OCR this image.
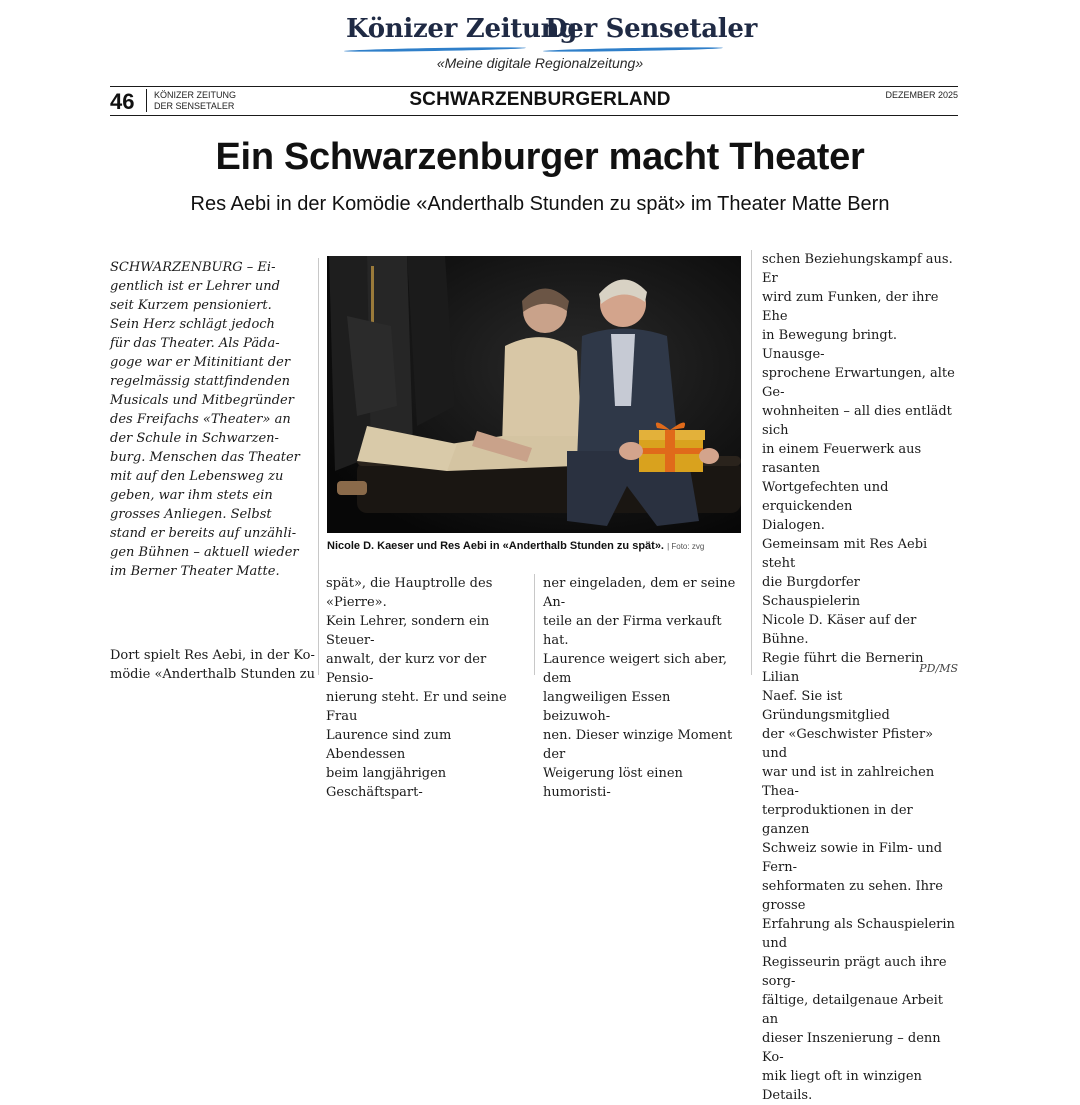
Könizer Zeitung
Der Sensetaler
«Meine digitale Regionalzeitung»
46	KÖNIZER ZEITUNG
DER SENSETALER	SCHWARZENBURGERLAND	DEZEMBER 2025
Ein Schwarzenburger macht Theater
Res Aebi in der Komödie «Anderthalb Stunden zu spät» im Theater Matte Bern
SCHWARZENBURG – Ei-
gentlich ist er Lehrer und
seit Kurzem pensioniert.
Sein Herz schlägt jedoch
für das Theater. Als Päda-
goge war er Mitinitiant der
regelmässig stattfindenden
Musicals und Mitbegründer
des Freifachs «Theater» an
der Schule in Schwarzen-
burg. Menschen das Theater
mit auf den Lebensweg zu
geben, war ihm stets ein
grosses Anliegen. Selbst
stand er bereits auf unzähli-
gen Bühnen – aktuell wieder
im Berner Theater Matte.
Dort spielt Res Aebi, in der Ko-
mödie «Anderthalb Stunden zu
Nicole D. Kaeser und Res Aebi in «Anderthalb Stunden zu spät». | Foto: zvg
spät», die Hauptrolle des «Pierre».
Kein Lehrer, sondern ein Steuer-
anwalt, der kurz vor der Pensio-
nierung steht. Er und seine Frau
Laurence sind zum Abendessen
beim langjährigen Geschäftspart-
ner eingeladen, dem er seine An-
teile an der Firma verkauft hat.
Laurence weigert sich aber, dem
langweiligen Essen beizuwoh-
nen. Dieser winzige Moment der
Weigerung löst einen humoristi-
schen Beziehungskampf aus. Er
wird zum Funken, der ihre Ehe
in Bewegung bringt. Unausge-
sprochene Erwartungen, alte Ge-
wohnheiten – all dies entlädt sich
in einem Feuerwerk aus rasanten
Wortgefechten und erquickenden
Dialogen.
Gemeinsam mit Res Aebi steht
die Burgdorfer Schauspielerin
Nicole D. Käser auf der Bühne.
Regie führt die Bernerin Lilian
Naef. Sie ist Gründungsmitglied
der «Geschwister Pfister» und
war und ist in zahlreichen Thea-
terproduktionen in der ganzen
Schweiz sowie in Film- und Fern-
sehformaten zu sehen. Ihre grosse
Erfahrung als Schauspielerin und
Regisseurin prägt auch ihre sorg-
fältige, detailgenaue Arbeit an
dieser Inszenierung – denn Ko-
mik liegt oft in winzigen Details.
PD/MS
